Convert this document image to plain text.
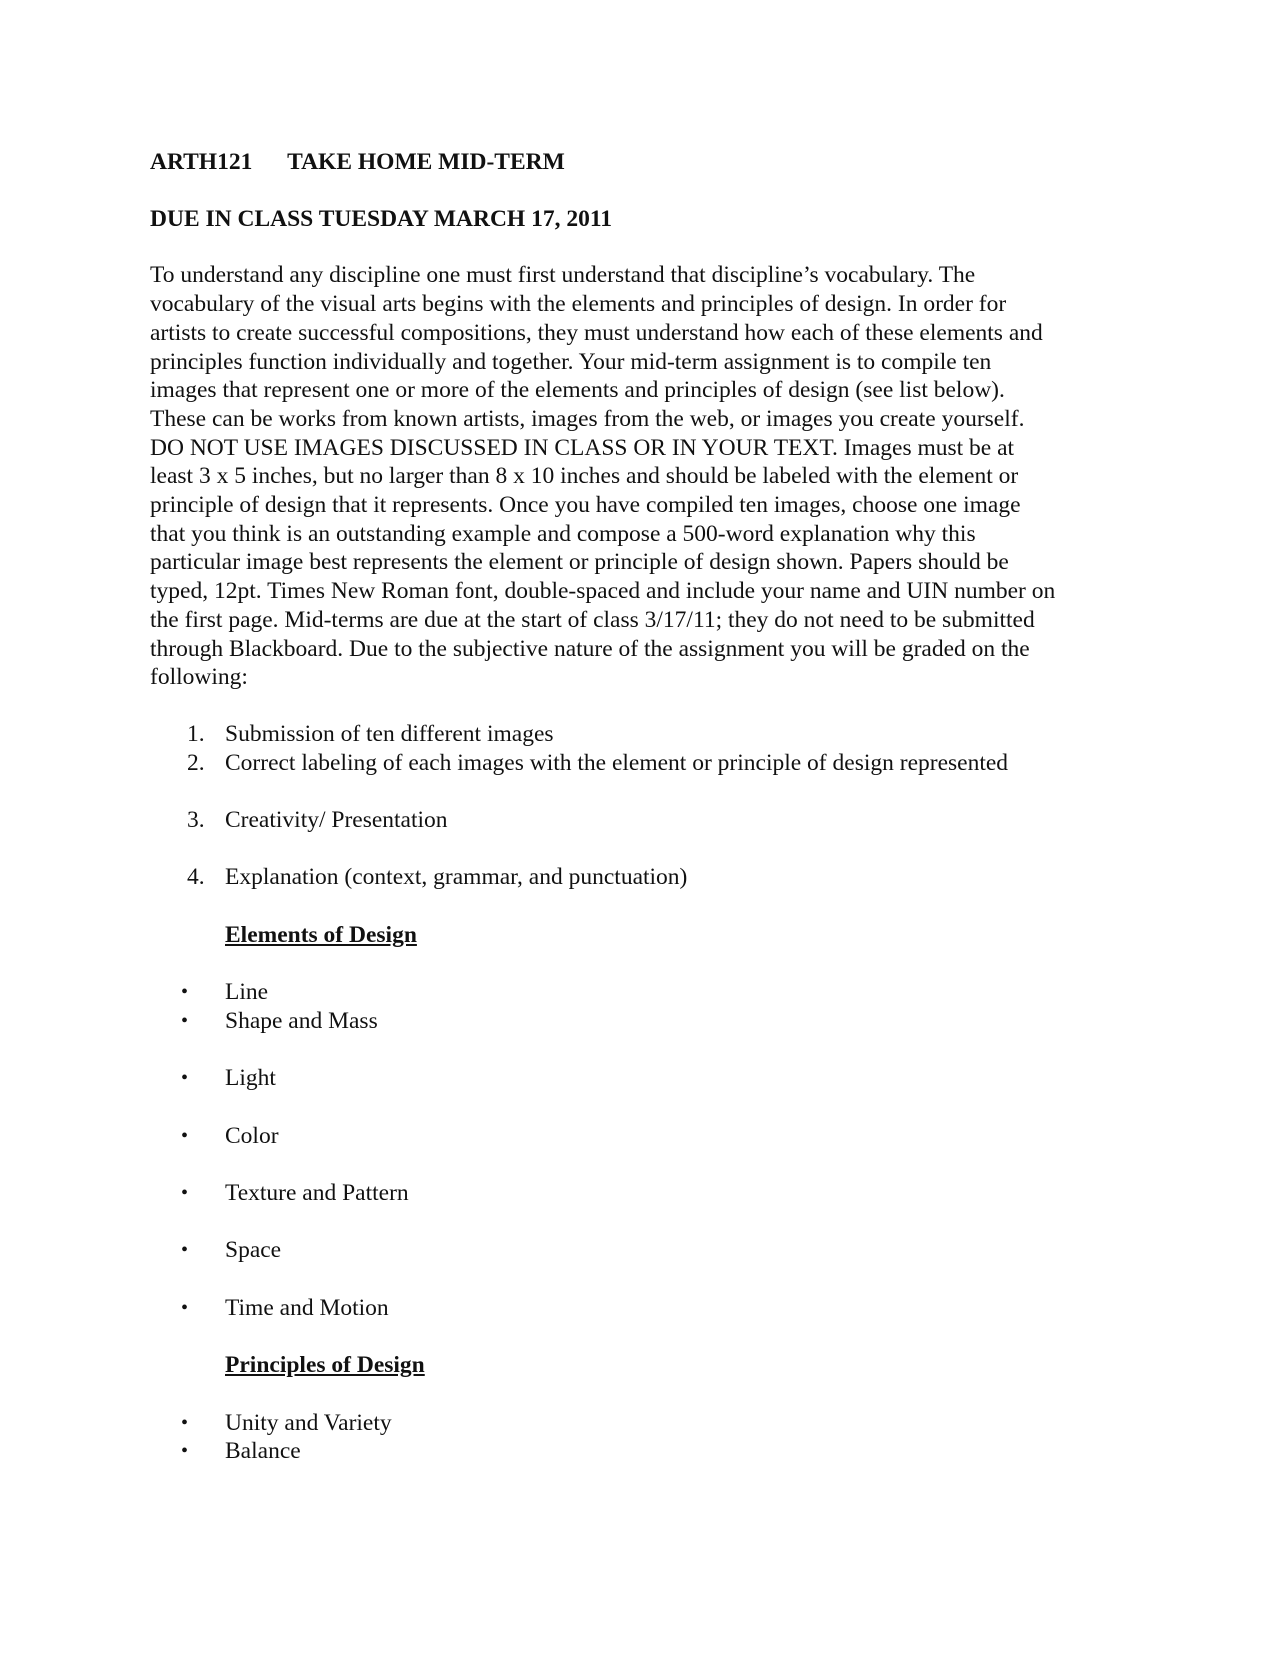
ARTH121 TAKE HOME MID-TERM

DUE IN CLASS TUESDAY MARCH 17, 2011

To understand any discipline one must first understand that discipline’s vocabulary. The
vocabulary of the visual arts begins with the elements and principles of design. In order for
artists to create successful compositions, they must understand how each of these elements and
principles function individually and together. Your mid-term assignment is to compile ten
images that represent one or more of the elements and principles of design (see list below).
These can be works from known artists, images from the web, or images you create yourself.
DO NOT USE IMAGES DISCUSSED IN CLASS OR IN YOUR TEXT. Images must be at
least 3 x 5 inches, but no larger than 8 x 10 inches and should be labeled with the element or
principle of design that it represents. Once you have compiled ten images, choose one image
that you think is an outstanding example and compose a 500-word explanation why this
particular image best represents the element or principle of design shown. Papers should be
typed, 12pt. Times New Roman font, double-spaced and include your name and UIN number on
the first page. Mid-terms are due at the start of class 3/17/11; they do not need to be submitted
through Blackboard. Due to the subjective nature of the assignment you will be graded on the
following:

1. Submission of ten different images
2. Correct labeling of each images with the element or principle of design represented
3. Creativity/ Presentation
4. Explanation (context, grammar, and punctuation)
Elements of Design
• Line
• Shape and Mass
• Light
• Color
• Texture and Pattern
• Space
• Time and Motion
Principles of Design
• Unity and Variety
• Balance
